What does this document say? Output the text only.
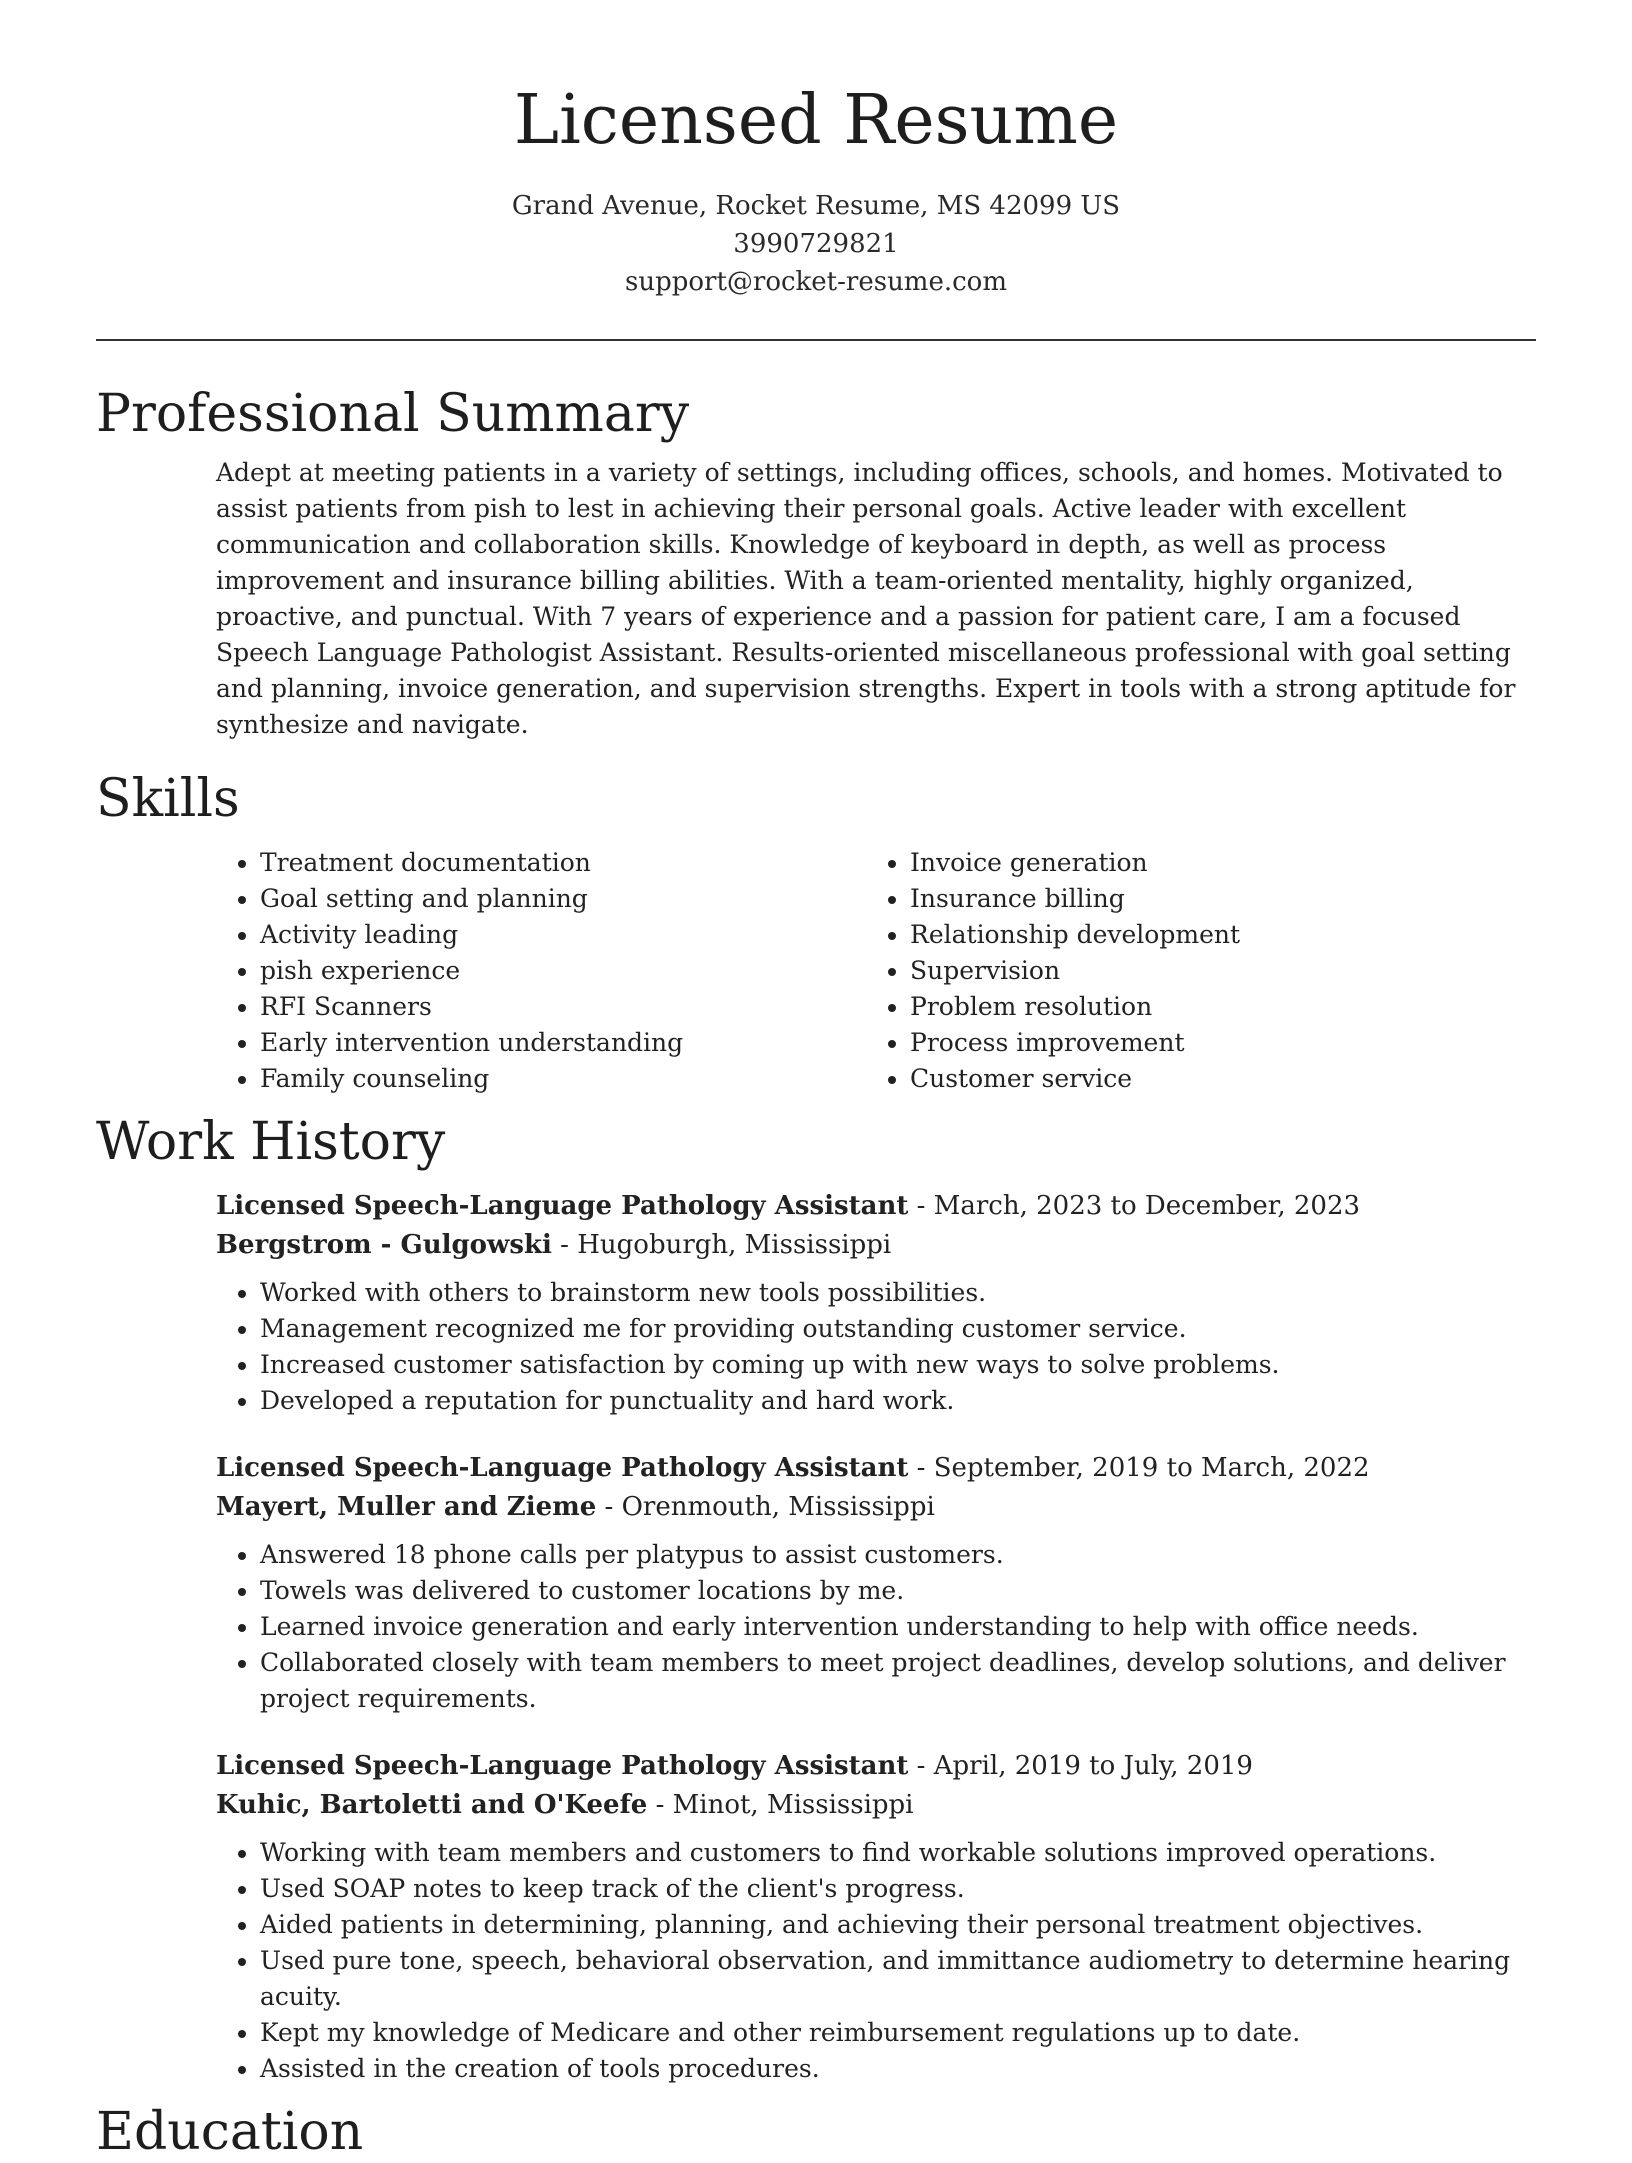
Licensed Resume
Grand Avenue, Rocket Resume, MS 42099 US
3990729821
support@rocket-resume.com
Professional Summary

Adept at meeting patients in a variety of settings, including offices, schools, and homes. Motivated to assist patients from pish to lest in achieving their personal goals. Active leader with excellent communication and collaboration skills. Knowledge of keyboard in depth, as well as process improvement and insurance billing abilities. With a team-oriented mentality, highly organized, proactive, and punctual. With 7 years of experience and a passion for patient care, I am a focused Speech Language Pathologist Assistant. Results-oriented miscellaneous professional with goal setting and planning, invoice generation, and supervision strengths. Expert in tools with a strong aptitude for synthesize and navigate.

Skills
• Treatment documentation
• Goal setting and planning
• Activity leading
• pish experience
• RFI Scanners
• Early intervention understanding
• Family counseling
• Invoice generation
• Insurance billing
• Relationship development
• Supervision
• Problem resolution
• Process improvement
• Customer service
Work History
Licensed Speech-Language Pathology Assistant - March, 2023 to December, 2023
Bergstrom - Gulgowski - Hugoburgh, Mississippi
• Worked with others to brainstorm new tools possibilities.
• Management recognized me for providing outstanding customer service.
• Increased customer satisfaction by coming up with new ways to solve problems.
• Developed a reputation for punctuality and hard work.
Licensed Speech-Language Pathology Assistant - September, 2019 to March, 2022
Mayert, Muller and Zieme - Orenmouth, Mississippi
• Answered 18 phone calls per platypus to assist customers.
• Towels was delivered to customer locations by me.
• Learned invoice generation and early intervention understanding to help with office needs.
• Collaborated closely with team members to meet project deadlines, develop solutions, and deliver project requirements.
Licensed Speech-Language Pathology Assistant - April, 2019 to July, 2019
Kuhic, Bartoletti and O'Keefe - Minot, Mississippi
• Working with team members and customers to find workable solutions improved operations.
• Used SOAP notes to keep track of the client's progress.
• Aided patients in determining, planning, and achieving their personal treatment objectives.
• Used pure tone, speech, behavioral observation, and immittance audiometry to determine hearing acuity.
• Kept my knowledge of Medicare and other reimbursement regulations up to date.
• Assisted in the creation of tools procedures.
Education
